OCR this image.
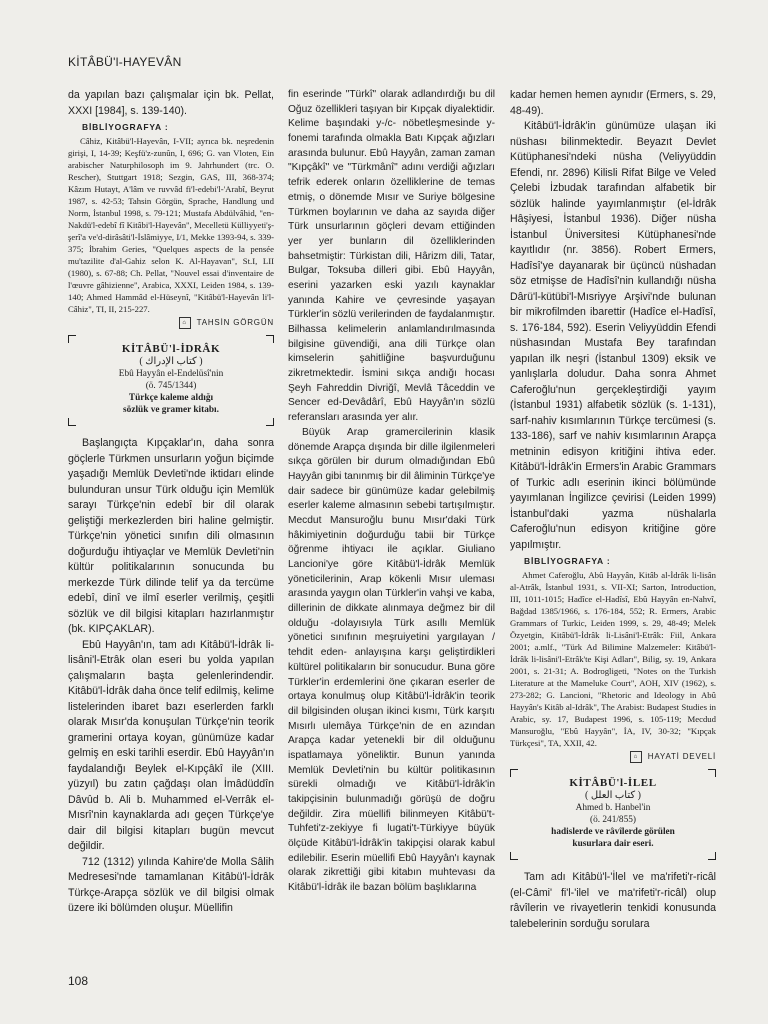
KİTÂBÜ'l-HAYEVÂN

da yapılan bazı çalışmalar için bk. Pellat, XXXI [1984], s. 139-140).

BİBLİYOGRAFYA :

Câhiz, Kitâbü'l-Hayevân, I-VII; ayrıca bk. neşredenin girişi, I, 14-39; Keşfü'z-zunûn, I, 696; G. van Vloten, Ein arabischer Naturphilosoph im 9. Jahrhundert (trc. O. Rescher), Stuttgart 1918; Sezgin, GAS, III, 368-374; Kâzım Hutayt, A'lâm ve ruvvâd fi'l-edebi'l-'Arabî, Beyrut 1987, s. 42-53; Tahsin Görgün, Sprache, Handlung und Norm, İstanbul 1998, s. 79-121; Mustafa Abdülvâhid, "en-Nakdü'l-edebî fî Kitâbi'l-Hayevân", Mecelletü Külliyyeti'ş-şerî'a ve'd-dirâsâti'l-İslâmiyye, I/1, Mekke 1393-94, s. 339-375; İbrahim Geries, "Quelques aspects de la pensée mu'tazilite d'al-Gahiz selon K. Al-Hayavan", St.I, LII (1980), s. 67-88; Ch. Pellat, "Nouvel essai d'inventaire de l'œuvre gâhizienne", Arabica, XXXI, Leiden 1984, s. 139-140; Ahmed Hammâd el-Hüseynî, "Kitâbü'l-Hayevân li'l-Câhiz", TI, II, 215-227.

⌂ TAHSİN GÖRGÜN
KİTÂBÜ'l-İDRÂK
( كتاب الإدراك )
Ebû Hayyân el-Endelüsî'nin
(ö. 745/1344)
Türkçe kaleme aldığı
sözlük ve gramer kitabı.

Başlangıçta Kıpçaklar'ın, daha sonra göçlerle Türkmen unsurların yoğun biçimde yaşadığı Memlük Devleti'nde iktidarı elinde bulunduran unsur Türk olduğu için Memlük sarayı Türkçe'nin edebî bir dil olarak geliştiği merkezlerden biri haline gelmiştir. Türkçe'nin yönetici sınıfın dili olmasının doğurduğu ihtiyaçlar ve Memlük Devleti'nin kültür politikalarının sonucunda bu merkezde Türk dilinde telif ya da tercüme edebî, dinî ve ilmî eserler verilmiş, çeşitli sözlük ve dil bilgisi kitapları hazırlanmıştır (bk. KIPÇAKLAR).

Ebû Hayyân'ın, tam adı Kitâbü'l-İdrâk li-lisâni'l-Etrâk olan eseri bu yolda yapılan çalışmaların başta gelenlerindendir. Kitâbü'l-İdrâk daha önce telif edilmiş, kelime listelerinden ibaret bazı eserlerden farklı olarak Mısır'da konuşulan Türkçe'nin teorik gramerini ortaya koyan, günümüze kadar gelmiş en eski tarihli eserdir. Ebû Hayyân'ın faydalandığı Beylek el-Kıpçâkî ile (XIII. yüzyıl) bu zatın çağdaşı olan İmâdüddîn Dâvûd b. Ali b. Muhammed el-Verrâk el-Mısrî'nin kaynaklarda adı geçen Türkçe'ye dair dil bilgisi kitapları bugün mevcut değildir.

712 (1312) yılında Kahire'de Molla Sâlih Medresesi'nde tamamlanan Kitâbü'l-İdrâk Türkçe-Arapça sözlük ve dil bilgisi olmak üzere iki bölümden oluşur. Müellifin

fin eserinde "Türkî" olarak adlandırdığı bu dil Oğuz özellikleri taşıyan bir Kıpçak diyalektidir. Kelime başındaki y-/c- nöbetleşmesinde y- fonemi tarafında olmakla Batı Kıpçak ağızları arasında bulunur. Ebû Hayyân, zaman zaman "Kıpçâkî" ve "Türkmânî" adını verdiği ağızları tefrik ederek onların özelliklerine de temas etmiş, o dönemde Mısır ve Suriye bölgesine Türkmen boylarının ve daha az sayıda diğer Türk unsurlarının göçleri devam ettiğinden yer yer bunların dil özelliklerinden bahsetmiştir: Türkistan dili, Hârizm dili, Tatar, Bulgar, Toksuba dilleri gibi. Ebû Hayyân, eserini yazarken eski yazılı kaynaklar yanında Kahire ve çevresinde yaşayan Türkler'in sözlü verilerinden de faydalanmıştır. Bilhassa kelimelerin anlamlandırılmasında bilgisine güvendiği, ana dili Türkçe olan kimselerin şahitliğine başvurduğunu zikretmektedir. İsmini sıkça andığı hocası Şeyh Fahreddin Divriğî, Mevlâ Tâceddin ve Sencer ed-Devâdârî, Ebû Hayyân'ın sözlü referansları arasında yer alır.

Büyük Arap gramercilerinin klasik dönemde Arapça dışında bir dille ilgilenmeleri sıkça görülen bir durum olmadığından Ebû Hayyân gibi tanınmış bir dil âliminin Türkçe'ye dair sadece bir günümüze kadar gelebilmiş eserler kaleme almasının sebebi tartışılmıştır. Mecdut Mansuroğlu bunu Mısır'daki Türk hâkimiyetinin doğurduğu tabii bir Türkçe öğrenme ihtiyacı ile açıklar. Giuliano Lancioni'ye göre Kitâbü'l-İdrâk Memlük yöneticilerinin, Arap kökenli Mısır uleması arasında yaygın olan Türkler'in vahşi ve kaba, dillerinin de dikkate alınmaya değmez bir dil olduğu -dolayısıyla Türk asıllı Memlük yönetici sınıfının meşruiyetini yargılayan / tehdit eden- anlayışına karşı geliştirdikleri kültürel politikaların bir sonucudur. Buna göre Türkler'in erdemlerini öne çıkaran eserler de ortaya konulmuş olup Kitâbü'l-İdrâk'in teorik dil bilgisinden oluşan ikinci kısmı, Türk karşıtı Mısırlı ulemâya Türkçe'nin de en azından Arapça kadar yetenekli bir dil olduğunu ispatlamaya yöneliktir. Bunun yanında Memlük Devleti'nin bu kültür politikasının sürekli olmadığı ve Kitâbü'l-İdrâk'in takipçisinin bulunmadığı görüşü de doğru değildir. Zira müellifi bilinmeyen Kitâbü't-Tuhfeti'z-zekiyye fi lugati't-Türkiyye büyük ölçüde Kitâbü'l-İdrâk'in takipçisi olarak kabul edilebilir. Eserin müellifi Ebû Hayyân'ı kaynak olarak zikrettiği gibi kitabın muhtevası da Kitâbü'l-İdrâk ile bazan bölüm başlıklarına

kadar hemen hemen aynıdır (Ermers, s. 29, 48-49).

Kitâbü'l-İdrâk'in günümüze ulaşan iki nüshası bilinmektedir. Beyazıt Devlet Kütüphanesi'ndeki nüsha (Veliyyüddin Efendi, nr. 2896) Kilisli Rifat Bilge ve Veled Çelebi İzbudak tarafından alfabetik bir sözlük halinde yayımlanmıştır (el-İdrâk Hâşiyesi, İstanbul 1936). Diğer nüsha İstanbul Üniversitesi Kütüphanesi'nde kayıtlıdır (nr. 3856). Robert Ermers, Hadîsî'ye dayanarak bir üçüncü nüshadan söz etmişse de Hadîsî'nin kullandığı nüsha Dârü'l-kütübi'l-Mısriyye Arşivi'nde bulunan bir mikrofilmden ibarettir (Hadîce el-Hadîsî, s. 176-184, 592). Eserin Veliyyüddin Efendi nüshasından Mustafa Bey tarafından yapılan ilk neşri (İstanbul 1309) eksik ve yanlışlarla doludur. Daha sonra Ahmet Caferoğlu'nun gerçekleştirdiği yayım (İstanbul 1931) alfabetik sözlük (s. 1-131), sarf-nahiv kısımlarının Türkçe tercümesi (s. 133-186), sarf ve nahiv kısımlarının Arapça metninin edisyon kritiğini ihtiva eder. Kitâbü'l-İdrâk'in Ermers'in Arabic Grammars of Turkic adlı eserinin ikinci bölümünde yayımlanan İngilizce çevirisi (Leiden 1999) İstanbul'daki yazma nüshalarla Caferoğlu'nun edisyon kritiğine göre yapılmıştır.

BİBLİYOGRAFYA :

Ahmet Caferoğlu, Abû Hayyân, Kitâb al-İdrâk li-lisân al-Atrâk, İstanbul 1931, s. VII-XI; Sarton, Introduction, III, 1011-1015; Hadîce el-Hadîsî, Ebû Hayyân en-Nahvî, Bağdad 1385/1966, s. 176-184, 552; R. Ermers, Arabic Grammars of Turkic, Leiden 1999, s. 29, 48-49; Melek Özyetgin, Kitâbü'l-İdrâk li-Lisâni'l-Etrâk: Fiil, Ankara 2001; a.mlf., "Türk Ad Bilimine Malzemeler: Kitâbü'l-İdrâk li-lisâni'l-Etrâk'te Kişi Adları", Bilig, sy. 19, Ankara 2001, s. 21-31; A. Bodrogligeti, "Notes on the Turkish Literature at the Mameluke Court", AOH, XIV (1962), s. 273-282; G. Lancioni, "Rhetoric and Ideology in Abû Hayyân's Kitâb al-Idrâk", The Arabist: Budapest Studies in Arabic, sy. 17, Budapest 1996, s. 105-119; Mecdud Mansuroğlu, "Ebû Hayyân", İA, IV, 30-32; "Kıpçak Türkçesi", TA, XXII, 42.

⌂ HAYATİ DEVELİ
KİTÂBÜ'l-İLEL
( كتاب العلل )
Ahmed b. Hanbel'in
(ö. 241/855)
hadislerde ve râvîlerde görülen
kusurlara dair eseri.

Tam adı Kitâbü'l-'İlel ve ma'rifeti'r-ricâl (el-Câmi' fi'l-'ilel ve ma'rifeti'r-ricâl) olup râvîlerin ve rivayetlerin tenkidi konusunda talebelerinin sorduğu sorulara

108
